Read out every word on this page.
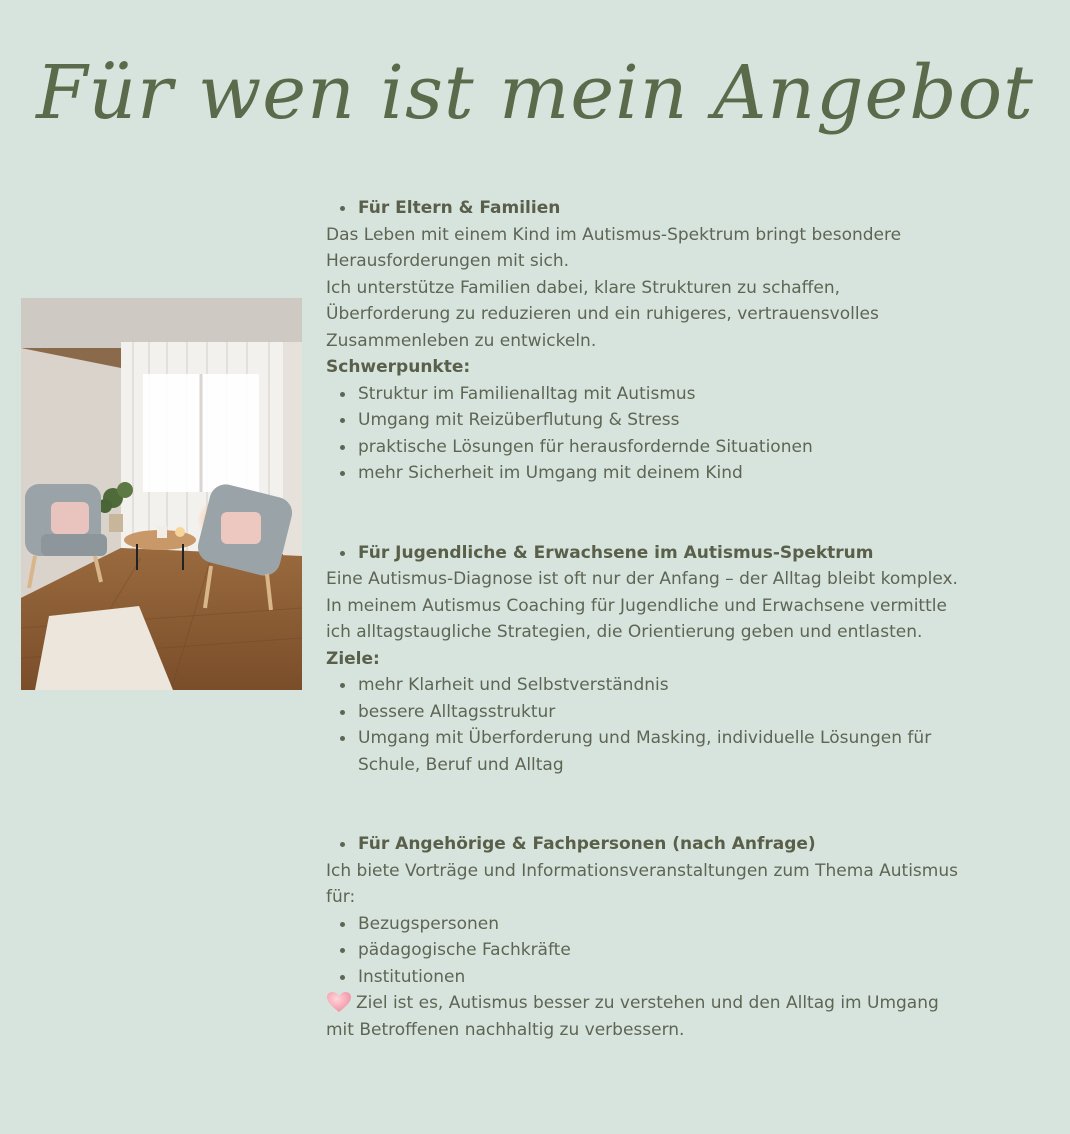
Für wen ist mein Angebot

Für Eltern & Familien

Das Leben mit einem Kind im Autismus-Spektrum bringt besondere Herausforderungen mit sich.

Ich unterstütze Familien dabei, klare Strukturen zu schaffen, Überforderung zu reduzieren und ein ruhigeres, vertrauensvolles Zusammenleben zu entwickeln.

Schwerpunkte:

Struktur im Familienalltag mit Autismus

Umgang mit Reizüberflutung & Stress

praktische Lösungen für herausfordernde Situationen

mehr Sicherheit im Umgang mit deinem Kind

Für Jugendliche & Erwachsene im Autismus-Spektrum

Eine Autismus-Diagnose ist oft nur der Anfang – der Alltag bleibt komplex.

In meinem Autismus Coaching für Jugendliche und Erwachsene vermittle ich alltagstaugliche Strategien, die Orientierung geben und entlasten.

Ziele:

mehr Klarheit und Selbstverständnis

bessere Alltagsstruktur

Umgang mit Überforderung und Masking, individuelle Lösungen für Schule, Beruf und Alltag

Für Angehörige & Fachpersonen (nach Anfrage)

Ich biete Vorträge und Informationsveranstaltungen zum Thema Autismus für:

Bezugspersonen

pädagogische Fachkräfte

Institutionen

Ziel ist es, Autismus besser zu verstehen und den Alltag im Umgang mit Betroffenen nachhaltig zu verbessern.
